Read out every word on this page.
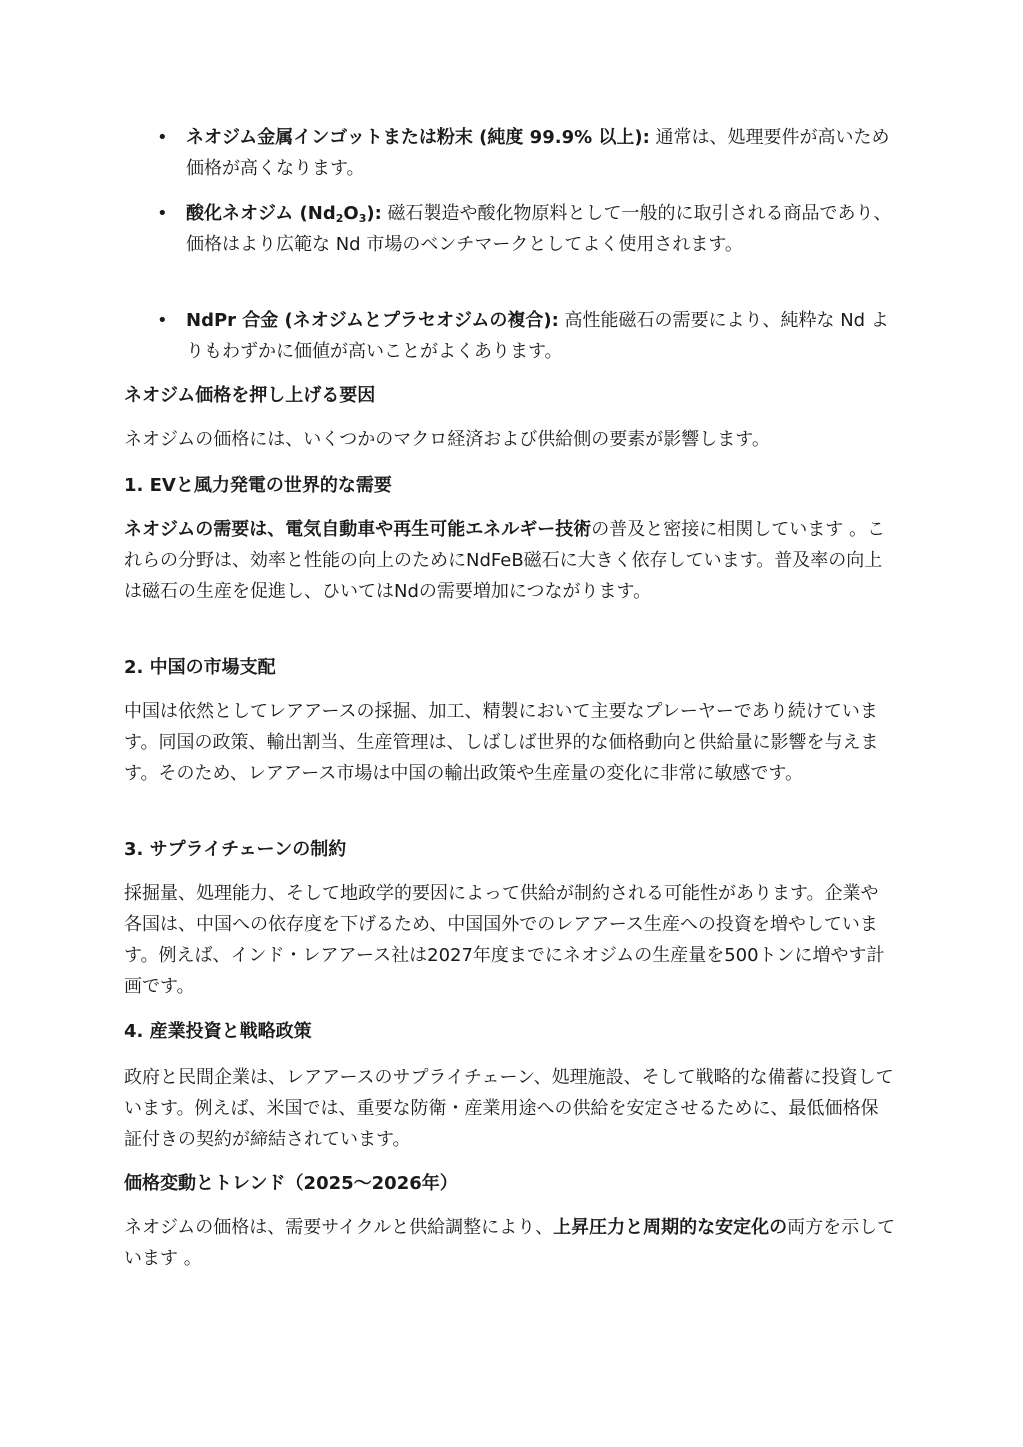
• ネオジム金属インゴットまたは粉末 (純度 99.9% 以上): 通常は、処理要件が高いため価格が高くなります。
• 酸化ネオジム $(Nd_2O_3)$: 磁石製造や酸化物原料として一般的に取引される商品であり、価格はより広範な Nd 市場のベンチマークとしてよく使用されます。
• NdPr 合金 (ネオジムとプラセオジムの複合): 高性能磁石の需要により、純粋な Nd よりもわずかに価値が高いことがよくあります。
ネオジム価格を押し上げる要因

ネオジムの価格には、いくつかのマクロ経済および供給側の要素が影響します。

1. EVと風力発電の世界的な需要

ネオジムの需要は、電気自動車や再生可能エネルギー技術の普及と密接に相関しています 。これらの分野は、効率と性能の向上のためにNdFeB磁石に大きく依存しています。普及率の向上は磁石の生産を促進し、ひいてはNdの需要増加につながります。

2. 中国の市場支配

中国は依然としてレアアースの採掘、加工、精製において主要なプレーヤーであり続けています。同国の政策、輸出割当、生産管理は、しばしば世界的な価格動向と供給量に影響を与えます。そのため、レアアース市場は中国の輸出政策や生産量の変化に非常に敏感です。

3. サプライチェーンの制約

採掘量、処理能力、そして地政学的要因によって供給が制約される可能性があります。企業や各国は、中国への依存度を下げるため、中国国外でのレアアース生産への投資を増やしています。例えば、インド・レアアース社は2027年度までにネオジムの生産量を500トンに増やす計画です。

4. 産業投資と戦略政策

政府と民間企業は、レアアースのサプライチェーン、処理施設、そして戦略的な備蓄に投資しています。例えば、米国では、重要な防衛・産業用途への供給を安定させるために、最低価格保証付きの契約が締結されています。

価格変動とトレンド（2025〜2026年）

ネオジムの価格は、需要サイクルと供給調整により、上昇圧力と周期的な安定化の両方を示しています 。
